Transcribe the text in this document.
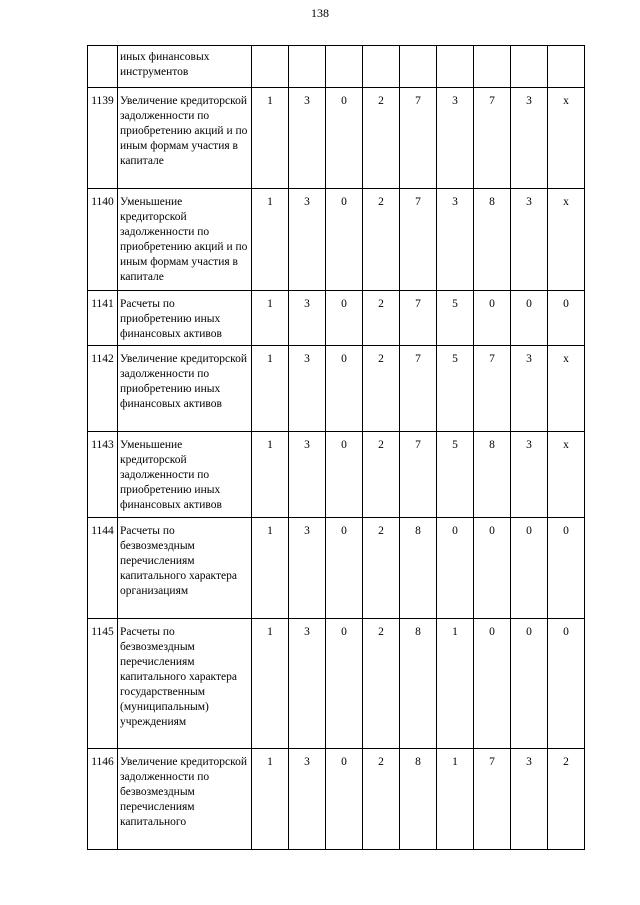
138
	иных финансовых инструментов									
1139	Увеличение кредиторской задолженности по приобретению акций и по иным формам участия в капитале	1	3	0	2	7	3	7	3	х
1140	Уменьшение кредиторской задолженности по приобретению акций и по иным формам участия в капитале	1	3	0	2	7	3	8	3	х
1141	Расчеты по приобретению иных финансовых активов	1	3	0	2	7	5	0	0	0
1142	Увеличение кредиторской задолженности по приобретению иных финансовых активов	1	3	0	2	7	5	7	3	х
1143	Уменьшение кредиторской задолженности по приобретению иных финансовых активов	1	3	0	2	7	5	8	3	х
1144	Расчеты по безвозмездным перечислениям капитального характера организациям	1	3	0	2	8	0	0	0	0
1145	Расчеты по безвозмездным перечислениям капитального характера государственным (муниципальным) учреждениям	1	3	0	2	8	1	0	0	0
1146	Увеличение кредиторской задолженности по безвозмездным перечислениям капитального	1	3	0	2	8	1	7	3	2
